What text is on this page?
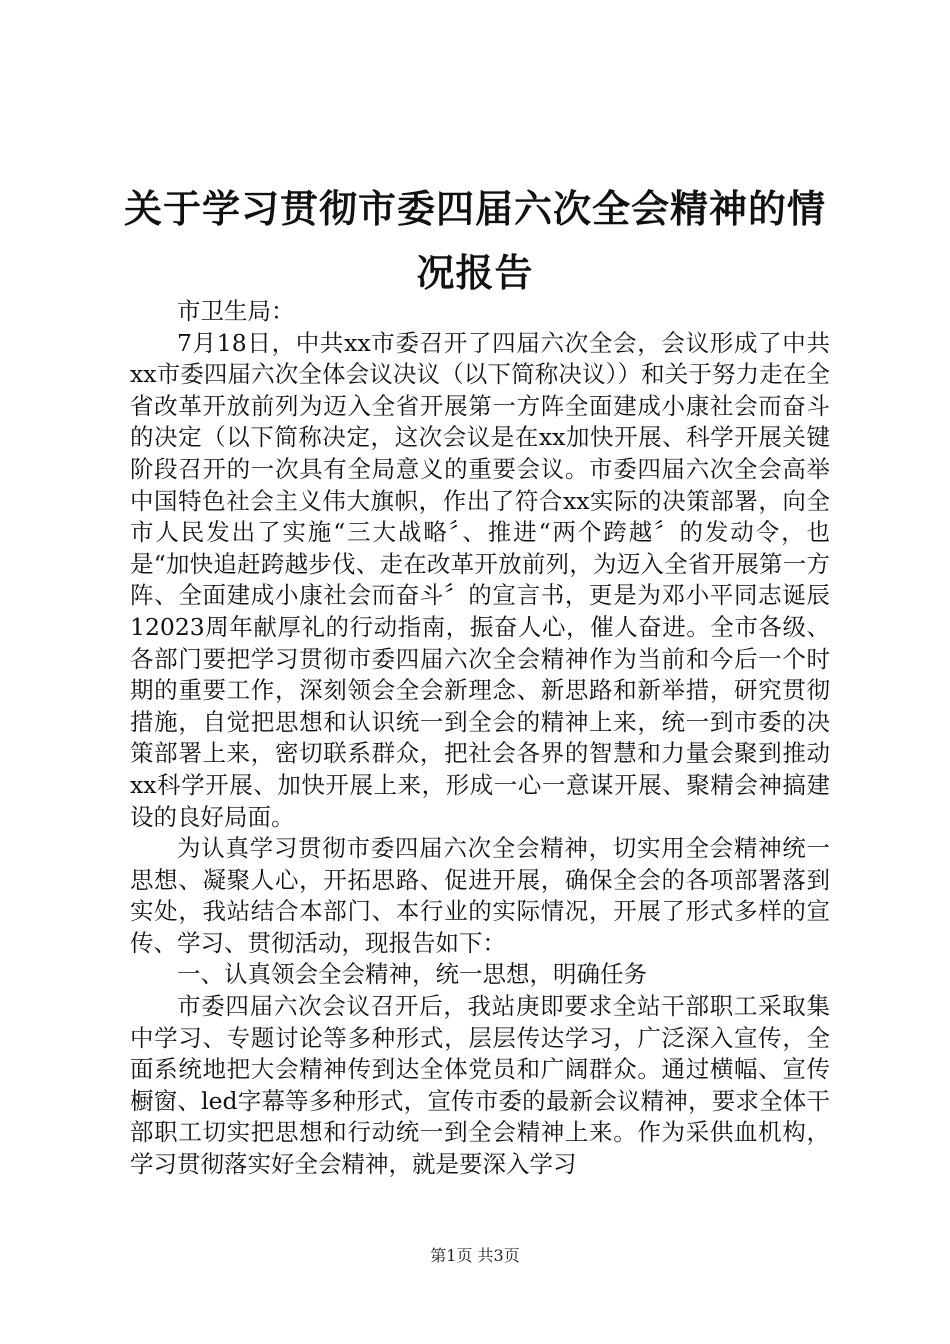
关于学习贯彻市委四届六次全会精神的情况报告

市卫生局：

7月18日，中共xx市委召开了四届六次全会，会议形成了中共xx市委四届六次全体会议决议（以下简称决议））和关于努力走在全省改革开放前列为迈入全省开展第一方阵全面建成小康社会而奋斗的决定（以下简称决定，这次会议是在xx加快开展、科学开展关键阶段召开的一次具有全局意义的重要会议。市委四届六次全会高举中国特色社会主义伟大旗帜，作出了符合xx实际的决策部署，向全市人民发出了实施“三大战略〞、推进“两个跨越〞的发动令，也是“加快追赶跨越步伐、走在改革开放前列，为迈入全省开展第一方阵、全面建成小康社会而奋斗〞的宣言书，更是为邓小平同志诞辰12023周年献厚礼的行动指南，振奋人心，催人奋进。全市各级、各部门要把学习贯彻市委四届六次全会精神作为当前和今后一个时期的重要工作，深刻领会全会新理念、新思路和新举措，研究贯彻措施，自觉把思想和认识统一到全会的精神上来，统一到市委的决策部署上来，密切联系群众，把社会各界的智慧和力量会聚到推动xx科学开展、加快开展上来，形成一心一意谋开展、聚精会神搞建设的良好局面。

为认真学习贯彻市委四届六次全会精神，切实用全会精神统一思想、凝聚人心，开拓思路、促进开展，确保全会的各项部署落到实处，我站结合本部门、本行业的实际情况，开展了形式多样的宣传、学习、贯彻活动，现报告如下：

一、认真领会全会精神，统一思想，明确任务

市委四届六次会议召开后，我站庚即要求全站干部职工采取集中学习、专题讨论等多种形式，层层传达学习，广泛深入宣传，全面系统地把大会精神传到达全体党员和广阔群众。通过横幅、宣传橱窗、led字幕等多种形式，宣传市委的最新会议精神，要求全体干部职工切实把思想和行动统一到全会精神上来。作为采供血机构，学习贯彻落实好全会精神，就是要深入学习

第1页 共3页
